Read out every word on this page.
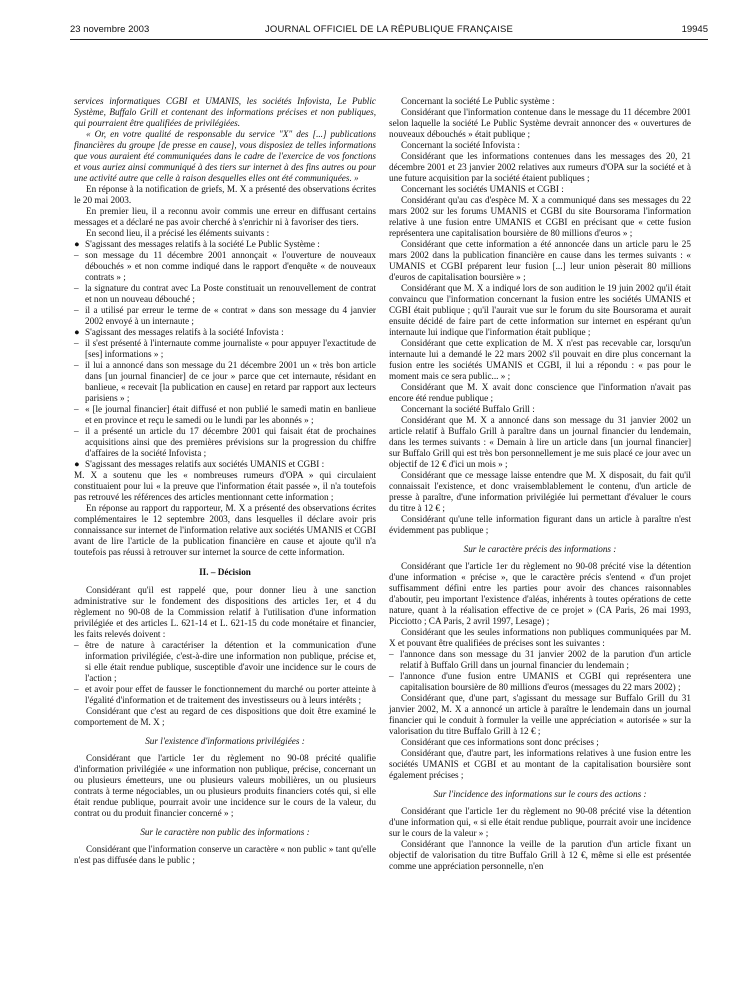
23 novembre 2003	JOURNAL OFFICIEL DE LA RÉPUBLIQUE FRANÇAISE	19945

services informatiques CGBI et UMANIS, les sociétés Infovista, Le Public Système, Buffalo Grill et contenant des informations précises et non publiques, qui pourraient être qualifiées de privilégiées.

« Or, en votre qualité de responsable du service "X" des [...] publications financières du groupe [de presse en cause], vous disposiez de telles informations que vous auraient été communiquées dans le cadre de l'exercice de vos fonctions et vous auriez ainsi communiqué à des tiers sur internet à des fins autres ou pour une activité autre que celle à raison desquelles elles ont été communiquées. »

En réponse à la notification de griefs, M. X a présenté des observations écrites le 20 mai 2003.

En premier lieu, il a reconnu avoir commis une erreur en diffusant certains messages et a déclaré ne pas avoir cherché à s'enrichir ni à favoriser des tiers.

En second lieu, il a précisé les éléments suivants :

● S'agissant des messages relatifs à la société Le Public Système :

– son message du 11 décembre 2001 annonçait « l'ouverture de nouveaux débouchés » et non comme indiqué dans le rapport d'enquête « de nouveaux contrats » ;

– la signature du contrat avec La Poste constituait un renouvellement de contrat et non un nouveau débouché ;

– il a utilisé par erreur le terme de « contrat » dans son message du 4 janvier 2002 envoyé à un internaute ;

● S'agissant des messages relatifs à la société Infovista :

– il s'est présenté à l'internaute comme journaliste « pour appuyer l'exactitude de [ses] informations » ;

– il lui a annoncé dans son message du 21 décembre 2001 un « très bon article dans [un journal financier] de ce jour » parce que cet internaute, résidant en banlieue, « recevait [la publication en cause] en retard par rapport aux lecteurs parisiens » ;

– « [le journal financier] était diffusé et non publié le samedi matin en banlieue et en province et reçu le samedi ou le lundi par les abonnés » ;

– il a présenté un article du 17 décembre 2001 qui faisait état de prochaines acquisitions ainsi que des premières prévisions sur la progression du chiffre d'affaires de la société Infovista ;

● S'agissant des messages relatifs aux sociétés UMANIS et CGBI :

M. X a soutenu que les « nombreuses rumeurs d'OPA » qui circulaient constituaient pour lui « la preuve que l'information était passée », il n'a toutefois pas retrouvé les références des articles mentionnant cette information ;

En réponse au rapport du rapporteur, M. X a présenté des observations écrites complémentaires le 12 septembre 2003, dans lesquelles il déclare avoir pris connaissance sur internet de l'information relative aux sociétés UMANIS et CGBI avant de lire l'article de la publication financière en cause et ajoute qu'il n'a toutefois pas réussi à retrouver sur internet la source de cette information.

II. – Décision

Considérant qu'il est rappelé que, pour donner lieu à une sanction administrative sur le fondement des dispositions des articles 1er, et 4 du règlement no 90-08 de la Commission relatif à l'utilisation d'une information privilégiée et des articles L. 621-14 et L. 621-15 du code monétaire et financier, les faits relevés doivent :

– être de nature à caractériser la détention et la communication d'une information privilégiée, c'est-à-dire une information non publique, précise et, si elle était rendue publique, susceptible d'avoir une incidence sur le cours de l'action ;

– et avoir pour effet de fausser le fonctionnement du marché ou porter atteinte à l'égalité d'information et de traitement des investisseurs ou à leurs intérêts ;

Considérant que c'est au regard de ces dispositions que doit être examiné le comportement de M. X ;

Sur l'existence d'informations privilégiées :

Considérant que l'article 1er du règlement no 90-08 précité qualifie d'information privilégiée « une information non publique, précise, concernant un ou plusieurs émetteurs, une ou plusieurs valeurs mobilières, un ou plusieurs contrats à terme négociables, un ou plusieurs produits financiers cotés qui, si elle était rendue publique, pourrait avoir une incidence sur le cours de la valeur, du contrat ou du produit financier concerné » ;

Sur le caractère non public des informations :

Considérant que l'information conserve un caractère « non public » tant qu'elle n'est pas diffusée dans le public ;

Concernant la société Le Public système :

Considérant que l'information contenue dans le message du 11 décembre 2001 selon laquelle la société Le Public Système devrait annoncer des « ouvertures de nouveaux débouchés » était publique ;

Concernant la société Infovista :

Considérant que les informations contenues dans les messages des 20, 21 décembre 2001 et 23 janvier 2002 relatives aux rumeurs d'OPA sur la société et à une future acquisition par la société étaient publiques ;

Concernant les sociétés UMANIS et CGBI :

Considérant qu'au cas d'espèce M. X a communiqué dans ses messages du 22 mars 2002 sur les forums UMANIS et CGBI du site Boursorama l'information relative à une fusion entre UMANIS et CGBI en précisant que « cette fusion représentera une capitalisation boursière de 80 millions d'euros » ;

Considérant que cette information a été annoncée dans un article paru le 25 mars 2002 dans la publication financière en cause dans les termes suivants : « UMANIS et CGBI préparent leur fusion [...] leur union pèserait 80 millions d'euros de capitalisation boursière » ;

Considérant que M. X a indiqué lors de son audition le 19 juin 2002 qu'il était convaincu que l'information concernant la fusion entre les sociétés UMANIS et CGBI était publique ; qu'il l'aurait vue sur le forum du site Boursorama et aurait ensuite décidé de faire part de cette information sur internet en espérant qu'un internaute lui indique que l'information était publique ;

Considérant que cette explication de M. X n'est pas recevable car, lorsqu'un internaute lui a demandé le 22 mars 2002 s'il pouvait en dire plus concernant la fusion entre les sociétés UMANIS et CGBI, il lui a répondu : « pas pour le moment mais ce sera public... » ;

Considérant que M. X avait donc conscience que l'information n'avait pas encore été rendue publique ;

Concernant la société Buffalo Grill :

Considérant que M. X a annoncé dans son message du 31 janvier 2002 un article relatif à Buffalo Grill à paraître dans un journal financier du lendemain, dans les termes suivants : « Demain à lire un article dans [un journal financier] sur Buffalo Grill qui est très bon personnellement je me suis placé ce jour avec un objectif de 12 € d'ici un mois » ;

Considérant que ce message laisse entendre que M. X disposait, du fait qu'il connaissait l'existence, et donc vraisemblablement le contenu, d'un article de presse à paraître, d'une information privilégiée lui permettant d'évaluer le cours du titre à 12 € ;

Considérant qu'une telle information figurant dans un article à paraître n'est évidemment pas publique ;

Sur le caractère précis des informations :

Considérant que l'article 1er du règlement no 90-08 précité vise la détention d'une information « précise », que le caractère précis s'entend « d'un projet suffisamment défini entre les parties pour avoir des chances raisonnables d'aboutir, peu important l'existence d'aléas, inhérents à toutes opérations de cette nature, quant à la réalisation effective de ce projet » (CA Paris, 26 mai 1993, Picciotto ; CA Paris, 2 avril 1997, Lesage) ;

Considérant que les seules informations non publiques communiquées par M. X et pouvant être qualifiées de précises sont les suivantes :

– l'annonce dans son message du 31 janvier 2002 de la parution d'un article relatif à Buffalo Grill dans un journal financier du lendemain ;

– l'annonce d'une fusion entre UMANIS et CGBI qui représentera une capitalisation boursière de 80 millions d'euros (messages du 22 mars 2002) ;

Considérant que, d'une part, s'agissant du message sur Buffalo Grill du 31 janvier 2002, M. X a annoncé un article à paraître le lendemain dans un journal financier qui le conduit à formuler la veille une appréciation « autorisée » sur la valorisation du titre Buffalo Grill à 12 € ;

Considérant que ces informations sont donc précises ;

Considérant que, d'autre part, les informations relatives à une fusion entre les sociétés UMANIS et CGBI et au montant de la capitalisation boursière sont également précises ;

Sur l'incidence des informations sur le cours des actions :

Considérant que l'article 1er du règlement no 90-08 précité vise la détention d'une information qui, « si elle était rendue publique, pourrait avoir une incidence sur le cours de la valeur » ;

Considérant que l'annonce la veille de la parution d'un article fixant un objectif de valorisation du titre Buffalo Grill à 12 €, même si elle est présentée comme une appréciation personnelle, n'en
